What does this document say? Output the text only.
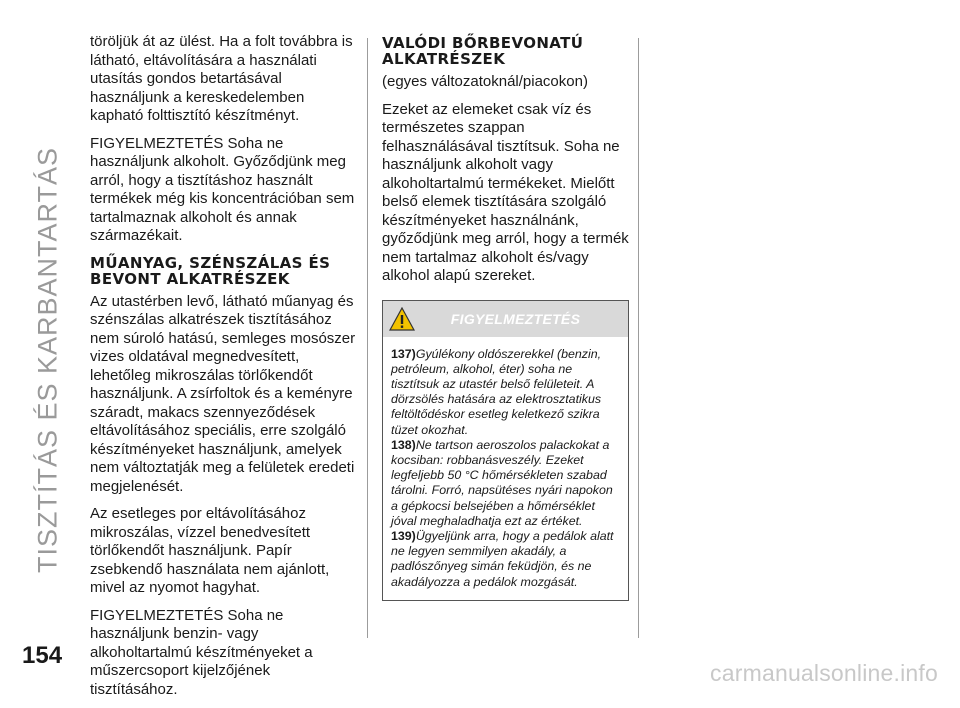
TISZTÍTÁS ÉS KARBANTARTÁS

töröljük át az ülést. Ha a folt továbbra is látható, eltávolítására a használati utasítás gondos betartásával használjunk a kereskedelemben kapható folttisztító készítményt.

FIGYELMEZTETÉS Soha ne használjunk alkoholt. Győződjünk meg arról, hogy a tisztításhoz használt termékek még kis koncentrációban sem tartalmaznak alkoholt és annak származékait.

MŰANYAG, SZÉNSZÁLAS ÉS BEVONT ALKATRÉSZEK

Az utastérben levő, látható műanyag és szénszálas alkatrészek tisztításához nem súroló hatású, semleges mosószer vizes oldatával megnedvesített, lehetőleg mikroszálas törlőkendőt használjunk. A zsírfoltok és a keményre száradt, makacs szennyeződések eltávolításához speciális, erre szolgáló készítményeket használjunk, amelyek nem változtatják meg a felületek eredeti megjelenését.

Az esetleges por eltávolításához mikroszálas, vízzel benedvesített törlőkendőt használjunk. Papír zsebkendő használata nem ajánlott, mivel az nyomot hagyhat.

FIGYELMEZTETÉS Soha ne használjunk benzin- vagy alkoholtartalmú készítményeket a műszercsoport kijelzőjének tisztításához.

VALÓDI BŐRBEVONATÚ ALKATRÉSZEK

(egyes változatoknál/piacokon)

Ezeket az elemeket csak víz és természetes szappan felhasználásával tisztítsuk. Soha ne használjunk alkoholt vagy alkoholtartalmú termékeket. Mielőtt belső elemek tisztítására szolgáló készítményeket használnánk, győződjünk meg arról, hogy a termék nem tartalmaz alkoholt és/vagy alkohol alapú szereket.

FIGYELMEZTETÉS

137)Gyúlékony oldószerekkel (benzin, petróleum, alkohol, éter) soha ne tisztítsuk az utastér belső felületeit. A dörzsölés hatására az elektrosztatikus feltöltődéskor esetleg keletkező szikra tüzet okozhat.

138)Ne tartson aeroszolos palackokat a kocsiban: robbanásveszély. Ezeket legfeljebb 50 °C hőmérsékleten szabad tárolni. Forró, napsütéses nyári napokon a gépkocsi belsejében a hőmérséklet jóval meghaladhatja ezt az értéket.

139)Ügyeljünk arra, hogy a pedálok alatt ne legyen semmilyen akadály, a padlószőnyeg simán feküdjön, és ne akadályozza a pedálok mozgását.

154
carmanualsonline.info
